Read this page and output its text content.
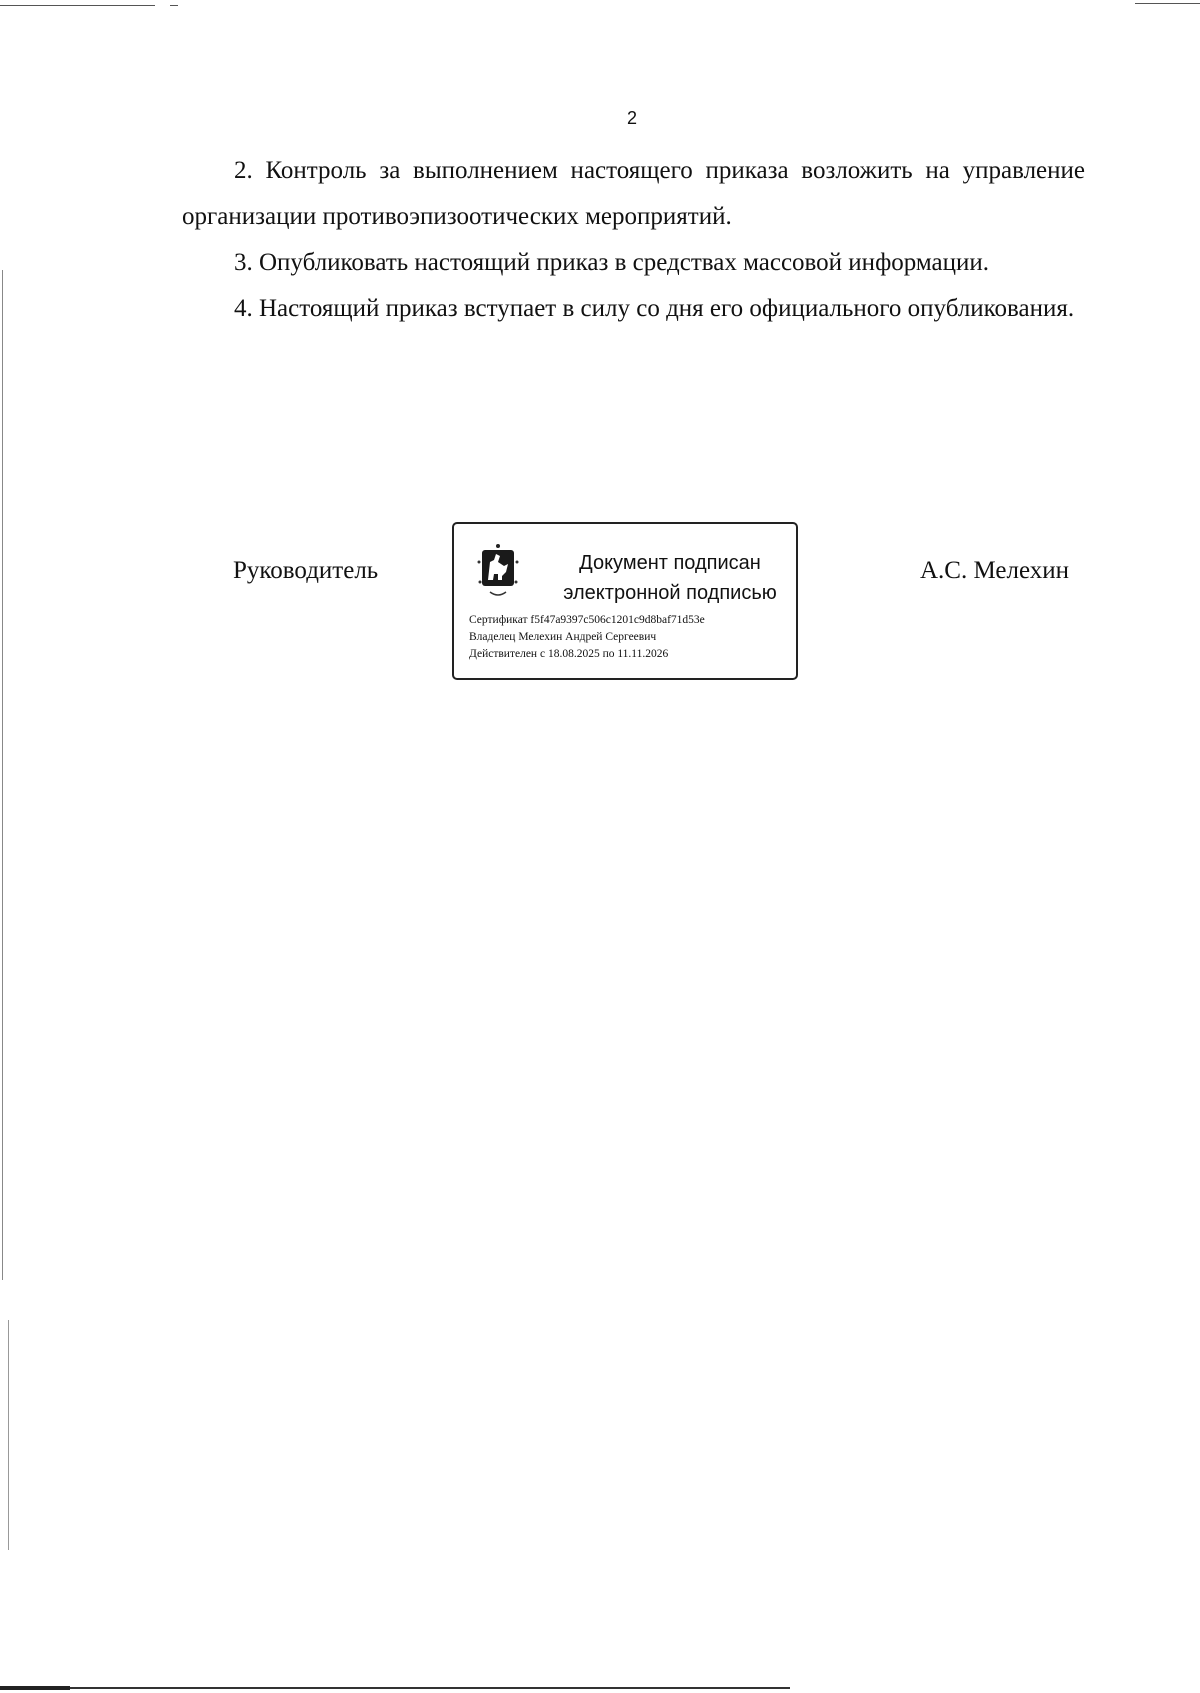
2

2. Контроль за выполнением настоящего приказа возложить на управление организации противоэпизоотических мероприятий.

3. Опубликовать настоящий приказ в средствах массовой информации.

4. Настоящий приказ вступает в силу со дня его официального опубликования.

Руководитель	Документ подписан
электронной подписью
Сертификат f5f47a9397c506c1201c9d8baf71d53e
Владелец Мелехин Андрей Сергеевич
Действителен с 18.08.2025 по 11.11.2026
А.С. Мелехин
